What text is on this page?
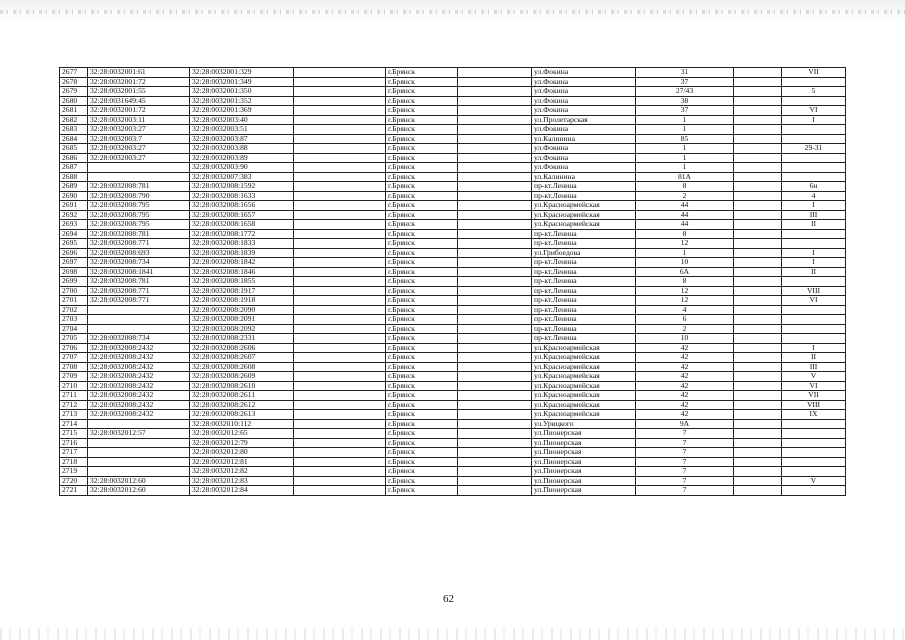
2677	32:28:0032001:61	32:28:0032001:329		г.Брянск		ул.Фокина	31		VII
2678	32:28:0032001:72	32:28:0032001:349		г.Брянск		ул.Фокина	37		
2679	32:28:0032001:55	32:28:0032001:350		г.Брянск		ул.Фокина	27/43		5
2680	32:28:0031649:45	32:28:0032001:352		г.Брянск		ул.Фокина	38		
2681	32:28:0032001:72	32:28:0032001:369		г.Брянск		ул.Фокина	37		VI
2682	32:28:0032003:11	32:28:0032003:40		г.Брянск		ул.Пролетарская	1		I
2683	32:28:0032003:27	32:28:0032003:51		г.Брянск		ул.Фокина	1		
2684	32:28:0032003:7	32:28:0032003:87		г.Брянск		ул.Калинина	85		
2685	32:28:0032003:27	32:28:0032003:88		г.Брянск		ул.Фокина	1		29-31
2686	32:28:0032003:27	32:28:0032003:89		г.Брянск		ул.Фокина	1		
2687		32:28:0032003:90		г.Брянск		ул.Фокина	1		
2688		32:28:0032007:383		г.Брянск		ул.Калинина	81А		
2689	32:28:0032008:781	32:28:0032008:1592		г.Брянск		пр-кт.Ленина	8		6н
2690	32:28:0032008:790	32:28:0032008:1633		г.Брянск		пр-кт.Ленина	2		4
2691	32:28:0032008:795	32:28:0032008:1656		г.Брянск		ул.Красноармейская	44		I
2692	32:28:0032008:795	32:28:0032008:1657		г.Брянск		ул.Красноармейская	44		III
2693	32:28:0032008:795	32:28:0032008:1658		г.Брянск		ул.Красноармейская	44		II
2694	32:28:0032008:781	32:28:0032008:1772		г.Брянск		пр-кт.Ленина	8		
2695	32:28:0032008:771	32:28:0032008:1833		г.Брянск		пр-кт.Ленина	12		
2696	32:28:0032008:693	32:28:0032008:1839		г.Брянск		ул.Грибоедова	1		I
2697	32:28:0032008:734	32:28:0032008:1842		г.Брянск		пр-кт.Ленина	10		I
2698	32:28:0032008:1841	32:28:0032008:1846		г.Брянск		пр-кт.Ленина	6А		II
2699	32:28:0032008:781	32:28:0032008:1855		г.Брянск		пр-кт.Ленина	8		
2700	32:28:0032008:771	32:28:0032008:1917		г.Брянск		пр-кт.Ленина	12		VIII
2701	32:28:0032008:771	32:28:0032008:1918		г.Брянск		пр-кт.Ленина	12		VI
2702		32:28:0032008:2090		г.Брянск		пр-кт.Ленина	4		
2703		32:28:0032008:2091		г.Брянск		пр-кт.Ленина	6		
2704		32:28:0032008:2092		г.Брянск		пр-кт.Ленина	2		
2705	32:28:0032008:734	32:28:0032008:2331		г.Брянск		пр-кт.Ленина	10		
2706	32:28:0032008:2432	32:28:0032008:2606		г.Брянск		ул.Красноармейская	42		I
2707	32:28:0032008:2432	32:28:0032008:2607		г.Брянск		ул.Красноармейская	42		II
2708	32:28:0032008:2432	32:28:0032008:2608		г.Брянск		ул.Красноармейская	42		III
2709	32:28:0032008:2432	32:28:0032008:2609		г.Брянск		ул.Красноармейская	42		V
2710	32:28:0032008:2432	32:28:0032008:2610		г.Брянск		ул.Красноармейская	42		VI
2711	32:28:0032008:2432	32:28:0032008:2611		г.Брянск		ул.Красноармейская	42		VII
2712	32:28:0032008:2432	32:28:0032008:2612		г.Брянск		ул.Красноармейская	42		VIII
2713	32:28:0032008:2432	32:28:0032008:2613		г.Брянск		ул.Красноармейская	42		IX
2714		32:28:0032010:112		г.Брянск		ул.Урицкого	9А		
2715	32:28:0032012:57	32:28:0032012:65		г.Брянск		ул.Пионерская	7		
2716		32:28:0032012:79		г.Брянск		ул.Пионерская	7		
2717		32:28:0032012:80		г.Брянск		ул.Пионерская	7		
2718		32:28:0032012:81		г.Брянск		ул.Пионерская	7		
2719		32:28:0032012:82		г.Брянск		ул.Пионерская	7		
2720	32:28:0032012:60	32:28:0032012:83		г.Брянск		ул.Пионерская	7		V
2721	32:28:0032012:60	32:28:0032012:84		г.Брянск		ул.Пионерская	7		
62
